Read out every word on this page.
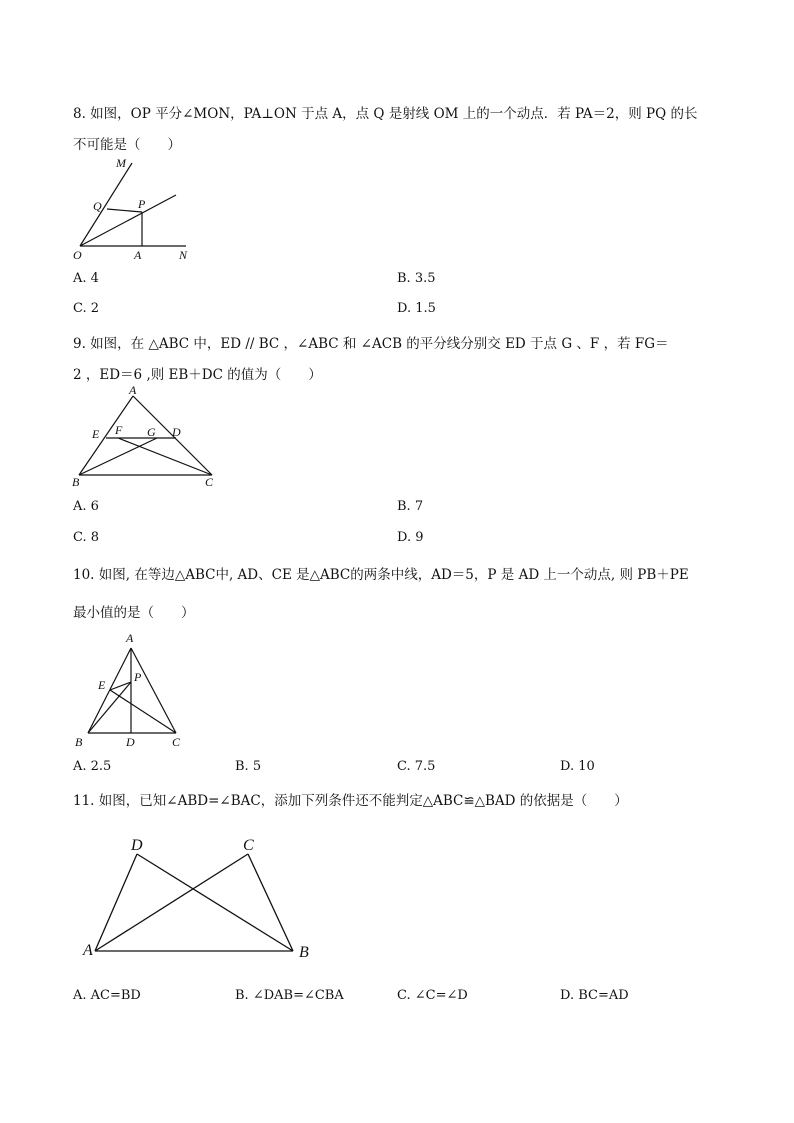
8. 如图，OP 平分∠MON，PA⊥ON 于点 A，点 Q 是射线 OM 上的一个动点．若 PA＝2，则 PQ 的长
不可能是（　　）
M
Q	P
O	A	N
A. 4	B. 3.5
C. 2	D. 1.5
9. 如图，在 △ABC 中，ED // BC ，∠ABC 和 ∠ACB 的平分线分别交 ED 于点 G 、F ，若 FG＝
2 ，ED＝6 ,则 EB＋DC 的值为（　　）
A
E F G D
B	C
A. 6	B. 7
C. 8	D. 9
10. 如图, 在等边△ABC中, AD、CE 是△ABC的两条中线，AD＝5，P 是 AD 上一个动点, 则 PB＋PE
最小值的是（　　）
A
E
P
B	D	C
A. 2.5	B. 5	C. 7.5	D. 10
11. 如图，已知∠ABD=∠BAC，添加下列条件还不能判定△ABC≌△BAD 的依据是（　　）
D	C
A	B
A. AC=BD	B. ∠DAB=∠CBA	C. ∠C=∠D	D. BC=AD
